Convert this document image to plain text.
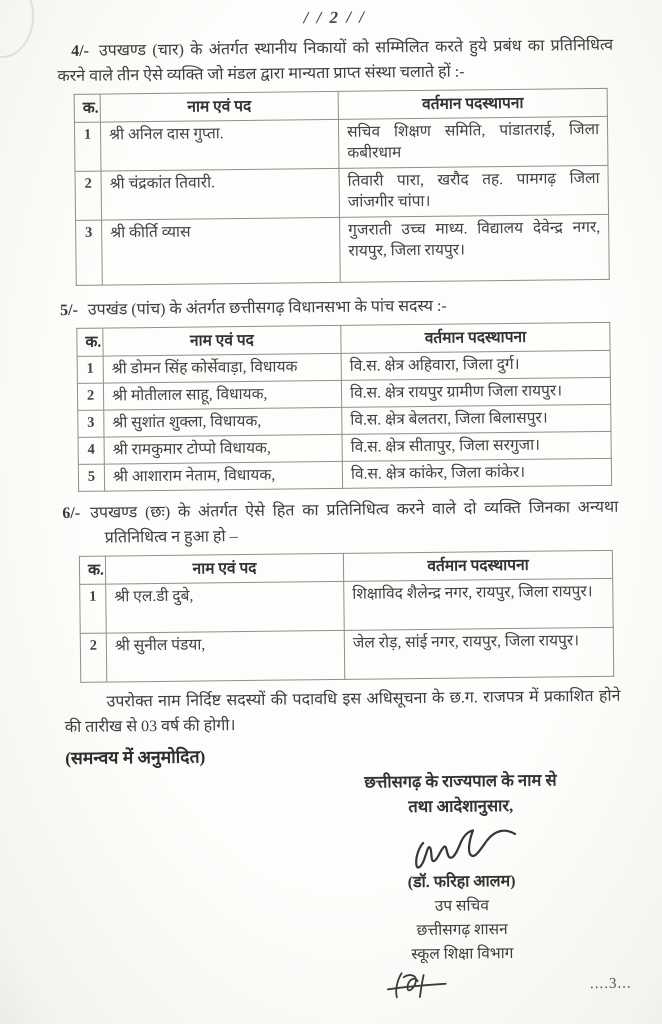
/ / 2 / /

4/- उपखण्ड (चार) के अंतर्गत स्थानीय निकायों को सम्मिलित करते हुये प्रबंध का प्रतिनिधित्व करने वाले तीन ऐसे व्यक्ति जो मंडल द्वारा मान्यता प्राप्त संस्था चलाते हों :-

क.	नाम एवं पद	वर्तमान पदस्थापना
1	श्री अनिल दास गुप्ता.	सचिव शिक्षण समिति, पांडातराई, जिला कबीरधाम
2	श्री चंद्रकांत तिवारी.	तिवारी पारा, खरौद तह. पामगढ़ जिला जांजगीर चांपा।
3	श्री कीर्ति व्यास	गुजराती उच्च माध्य. विद्यालय देवेन्द्र नगर, रायपुर, जिला रायपुर।

5/- उपखंड (पांच) के अंतर्गत छत्तीसगढ़ विधानसभा के पांच सदस्य :-

क.	नाम एवं पद	वर्तमान पदस्थापना
1	श्री डोमन सिंह कोर्सेवाड़ा, विधायक	वि.स. क्षेत्र अहिवारा, जिला दुर्ग।
2	श्री मोतीलाल साहू, विधायक,	वि.स. क्षेत्र रायपुर ग्रामीण जिला रायपुर।
3	श्री सुशांत शुक्ला, विधायक,	वि.स. क्षेत्र बेलतरा, जिला बिलासपुर।
4	श्री रामकुमार टोप्पो विधायक,	वि.स. क्षेत्र सीतापुर, जिला सरगुजा।
5	श्री आशाराम नेताम, विधायक,	वि.स. क्षेत्र कांकेर, जिला कांकेर।

6/- उपखण्ड (छः) के अंतर्गत ऐसे हित का प्रतिनिधित्व करने वाले दो व्यक्ति जिनका अन्यथा प्रतिनिधित्व न हुआ हो –

क.	नाम एवं पद	वर्तमान पदस्थापना
1	श्री एल.डी दुबे,	शिक्षाविद शैलेन्द्र नगर, रायपुर, जिला रायपुर।
2	श्री सुनील पंडया,	जेल रोड़, सांई नगर, रायपुर, जिला रायपुर।

उपरोक्त नाम निर्दिष्ट सदस्यों की पदावधि इस अधिसूचना के छ.ग. राजपत्र में प्रकाशित होने की तारीख से 03 वर्ष की होगी।

(समन्वय में अनुमोदित)

छत्तीसगढ़ के राज्यपाल के नाम से
तथा आदेशानुसार,
(डॉ. फरिहा आलम)
उप सचिव
छत्तीसगढ़ शासन
स्कूल शिक्षा विभाग
....3...
